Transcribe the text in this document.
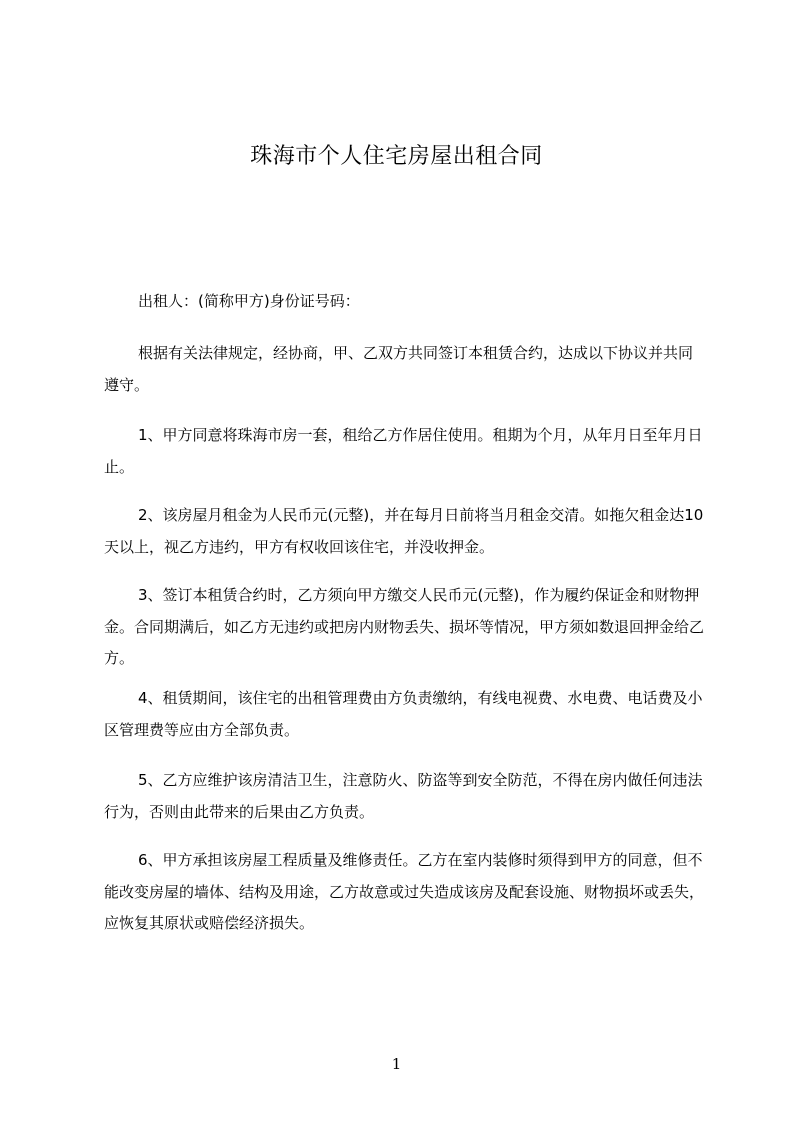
珠海市个人住宅房屋出租合同

出租人：(简称甲方)身份证号码：

根据有关法律规定，经协商，甲、乙双方共同签订本租赁合约，达成以下协议并共同遵守。

1、甲方同意将珠海市房一套，租给乙方作居住使用。租期为个月，从年月日至年月日止。

2、该房屋月租金为人民币元(元整)，并在每月日前将当月租金交清。如拖欠租金达10天以上，视乙方违约，甲方有权收回该住宅，并没收押金。

3、签订本租赁合约时，乙方须向甲方缴交人民币元(元整)，作为履约保证金和财物押金。合同期满后，如乙方无违约或把房内财物丢失、损坏等情况，甲方须如数退回押金给乙方。

4、租赁期间，该住宅的出租管理费由方负责缴纳，有线电视费、水电费、电话费及小区管理费等应由方全部负责。

5、乙方应维护该房清洁卫生，注意防火、防盗等到安全防范，不得在房内做任何违法行为，否则由此带来的后果由乙方负责。

6、甲方承担该房屋工程质量及维修责任。乙方在室内装修时须得到甲方的同意，但不能改变房屋的墙体、结构及用途，乙方故意或过失造成该房及配套设施、财物损坏或丢失，应恢复其原状或赔偿经济损失。

1
